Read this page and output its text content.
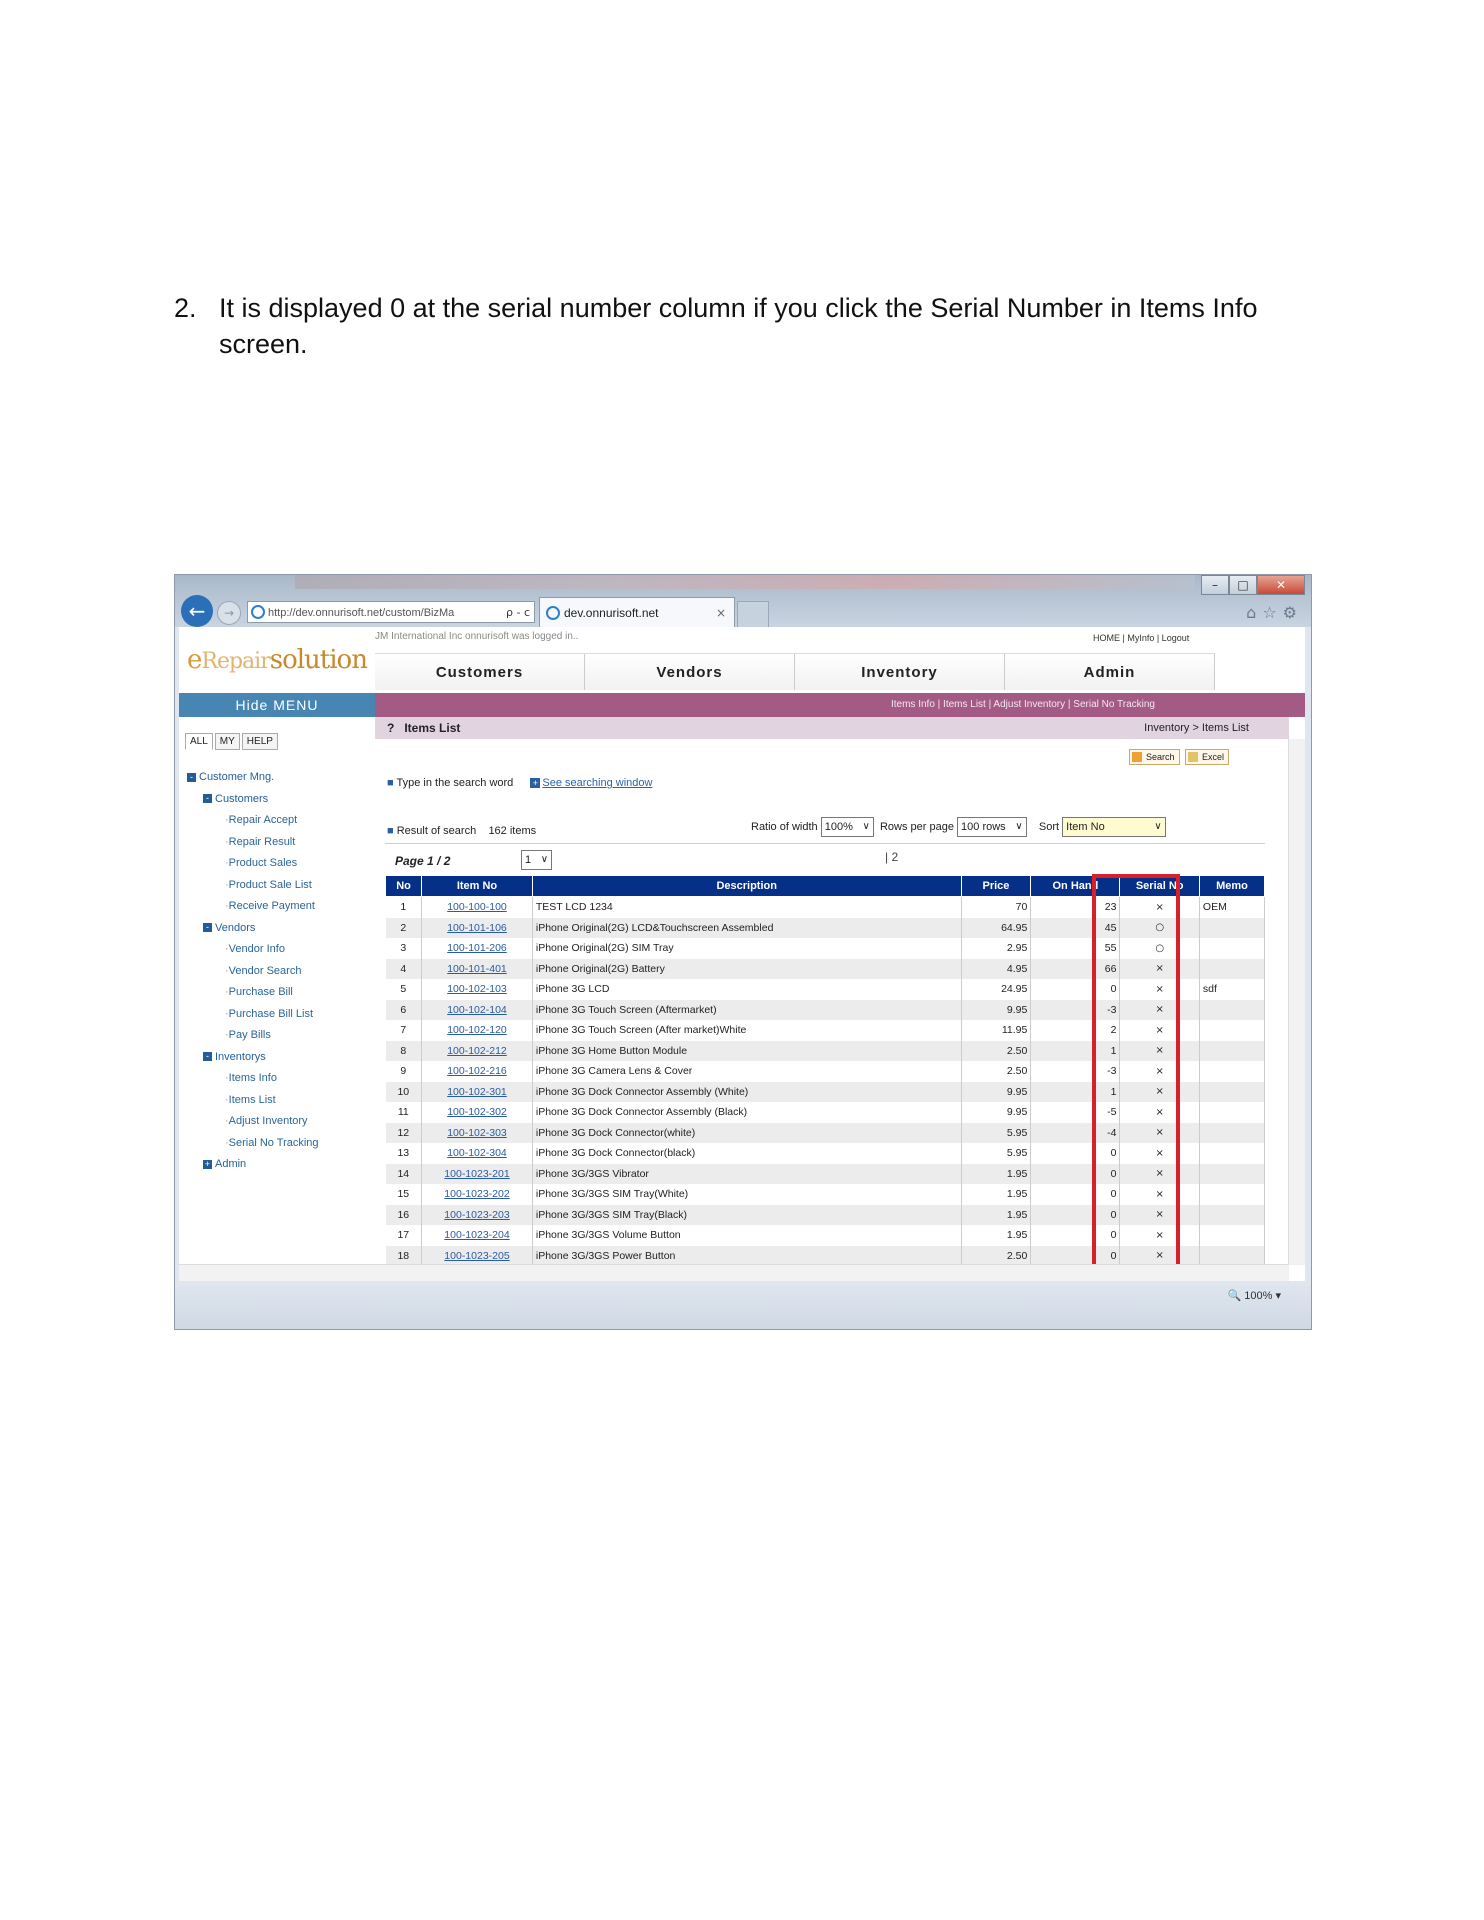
2. It is displayed 0 at the serial number column if you click the Serial Number in Items Info screen.
–	□	✕
←	→	http://dev.onnurisoft.net/custom/BizMa	ρ - c	dev.onnurisoft.net	×	⌂☆⚙
eRepairsolution
JM International Inc onnurisoft was logged in..	HOME | MyInfo | Logout
Customers	Vendors	Inventory	Admin
Hide MENU	Items Info | Items List | Adjust Inventory | Serial No Tracking
ALL	MY	HELP
- Customer Mng.
- Customers
·Repair Accept
·Repair Result
·Product Sales
·Product Sale List
·Receive Payment
- Vendors
·Vendor Info
·Vendor Search
·Purchase Bill
·Purchase Bill List
·Pay Bills
- Inventorys
·Items Info
·Items List
·Adjust Inventory
·Serial No Tracking
+ Admin
? Items List	Inventory > Items List
Search	Excel
■ Type in the search word + See searching window
■ Result of search 162 items	Ratio of width 100% ∨ Rows per page 100 rows ∨	Sort Item No ∨
Page 1 / 2	1 ∨	| 2
No	Item No	Description	Price	On Hand	Serial No	Memo
1	100-100-100	TEST LCD 1234	70	23	×	OEM
2	100-101-106	iPhone Original(2G) LCD&Touchscreen Assembled	64.95	45	○	
3	100-101-206	iPhone Original(2G) SIM Tray	2.95	55	○	
4	100-101-401	iPhone Original(2G) Battery	4.95	66	×	
5	100-102-103	iPhone 3G LCD	24.95	0	×	sdf
6	100-102-104	iPhone 3G Touch Screen (Aftermarket)	9.95	-3	×	
7	100-102-120	iPhone 3G Touch Screen (After market)White	11.95	2	×	
8	100-102-212	iPhone 3G Home Button Module	2.50	1	×	
9	100-102-216	iPhone 3G Camera Lens & Cover	2.50	-3	×	
10	100-102-301	iPhone 3G Dock Connector Assembly (White)	9.95	1	×	
11	100-102-302	iPhone 3G Dock Connector Assembly (Black)	9.95	-5	×	
12	100-102-303	iPhone 3G Dock Connector(white)	5.95	-4	×	
13	100-102-304	iPhone 3G Dock Connector(black)	5.95	0	×	
14	100-1023-201	iPhone 3G/3GS Vibrator	1.95	0	×	
15	100-1023-202	iPhone 3G/3GS SIM Tray(White)	1.95	0	×	
16	100-1023-203	iPhone 3G/3GS SIM Tray(Black)	1.95	0	×	
17	100-1023-204	iPhone 3G/3GS Volume Button	1.95	0	×	
18	100-1023-205	iPhone 3G/3GS Power Button	2.50	0	×	
🔍 100% ▾
